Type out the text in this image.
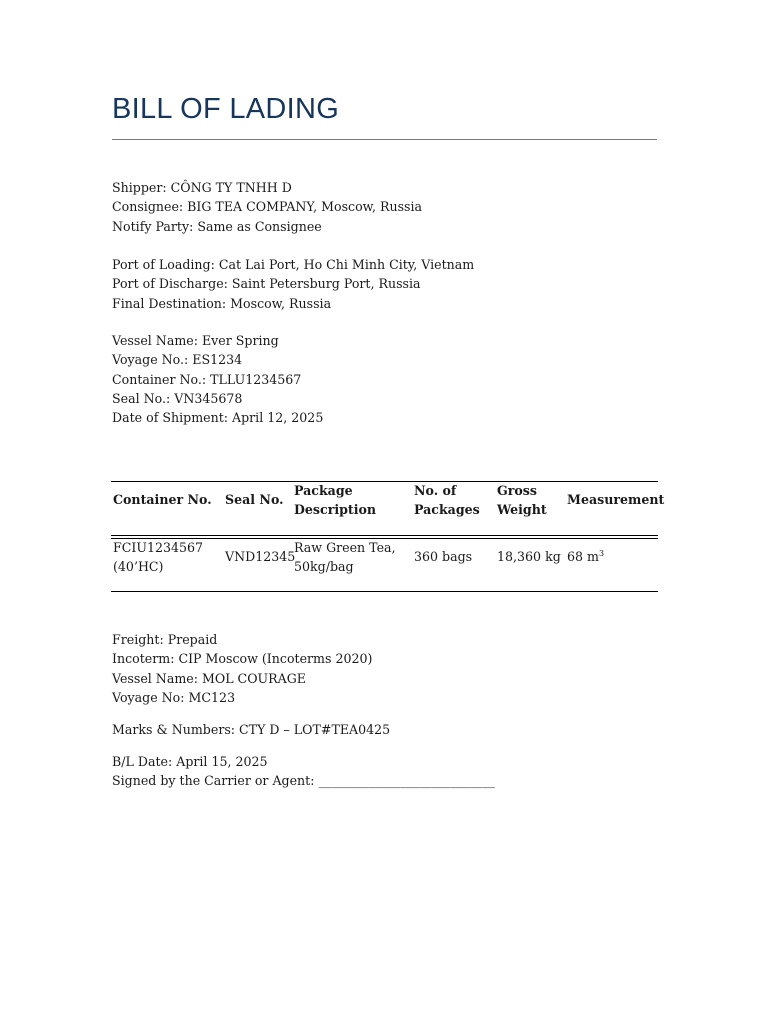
BILL OF LADING
Shipper: CÔNG TY TNHH D
Consignee: BIG TEA COMPANY, Moscow, Russia
Notify Party: Same as Consignee
Port of Loading: Cat Lai Port, Ho Chi Minh City, Vietnam
Port of Discharge: Saint Petersburg Port, Russia
Final Destination: Moscow, Russia
Vessel Name: Ever Spring
Voyage No.: ES1234
Container No.: TLLU1234567
Seal No.: VN345678
Date of Shipment: April 12, 2025
Container No. Seal No.
Package
Description
No. of
Packages
Gross
Weight
Measurement
FCIU1234567
(40’HC)
VND12345
Raw Green Tea,
50kg/bag
360 bags 18,360 kg 68 $m^3$
Freight: Prepaid
Incoterm: CIP Moscow (Incoterms 2020)
Vessel Name: MOL COURAGE
Voyage No: MC123
Marks & Numbers: CTY D – LOT#TEA0425
B/L Date: April 15, 2025
Signed by the Carrier or Agent: ____________________________
